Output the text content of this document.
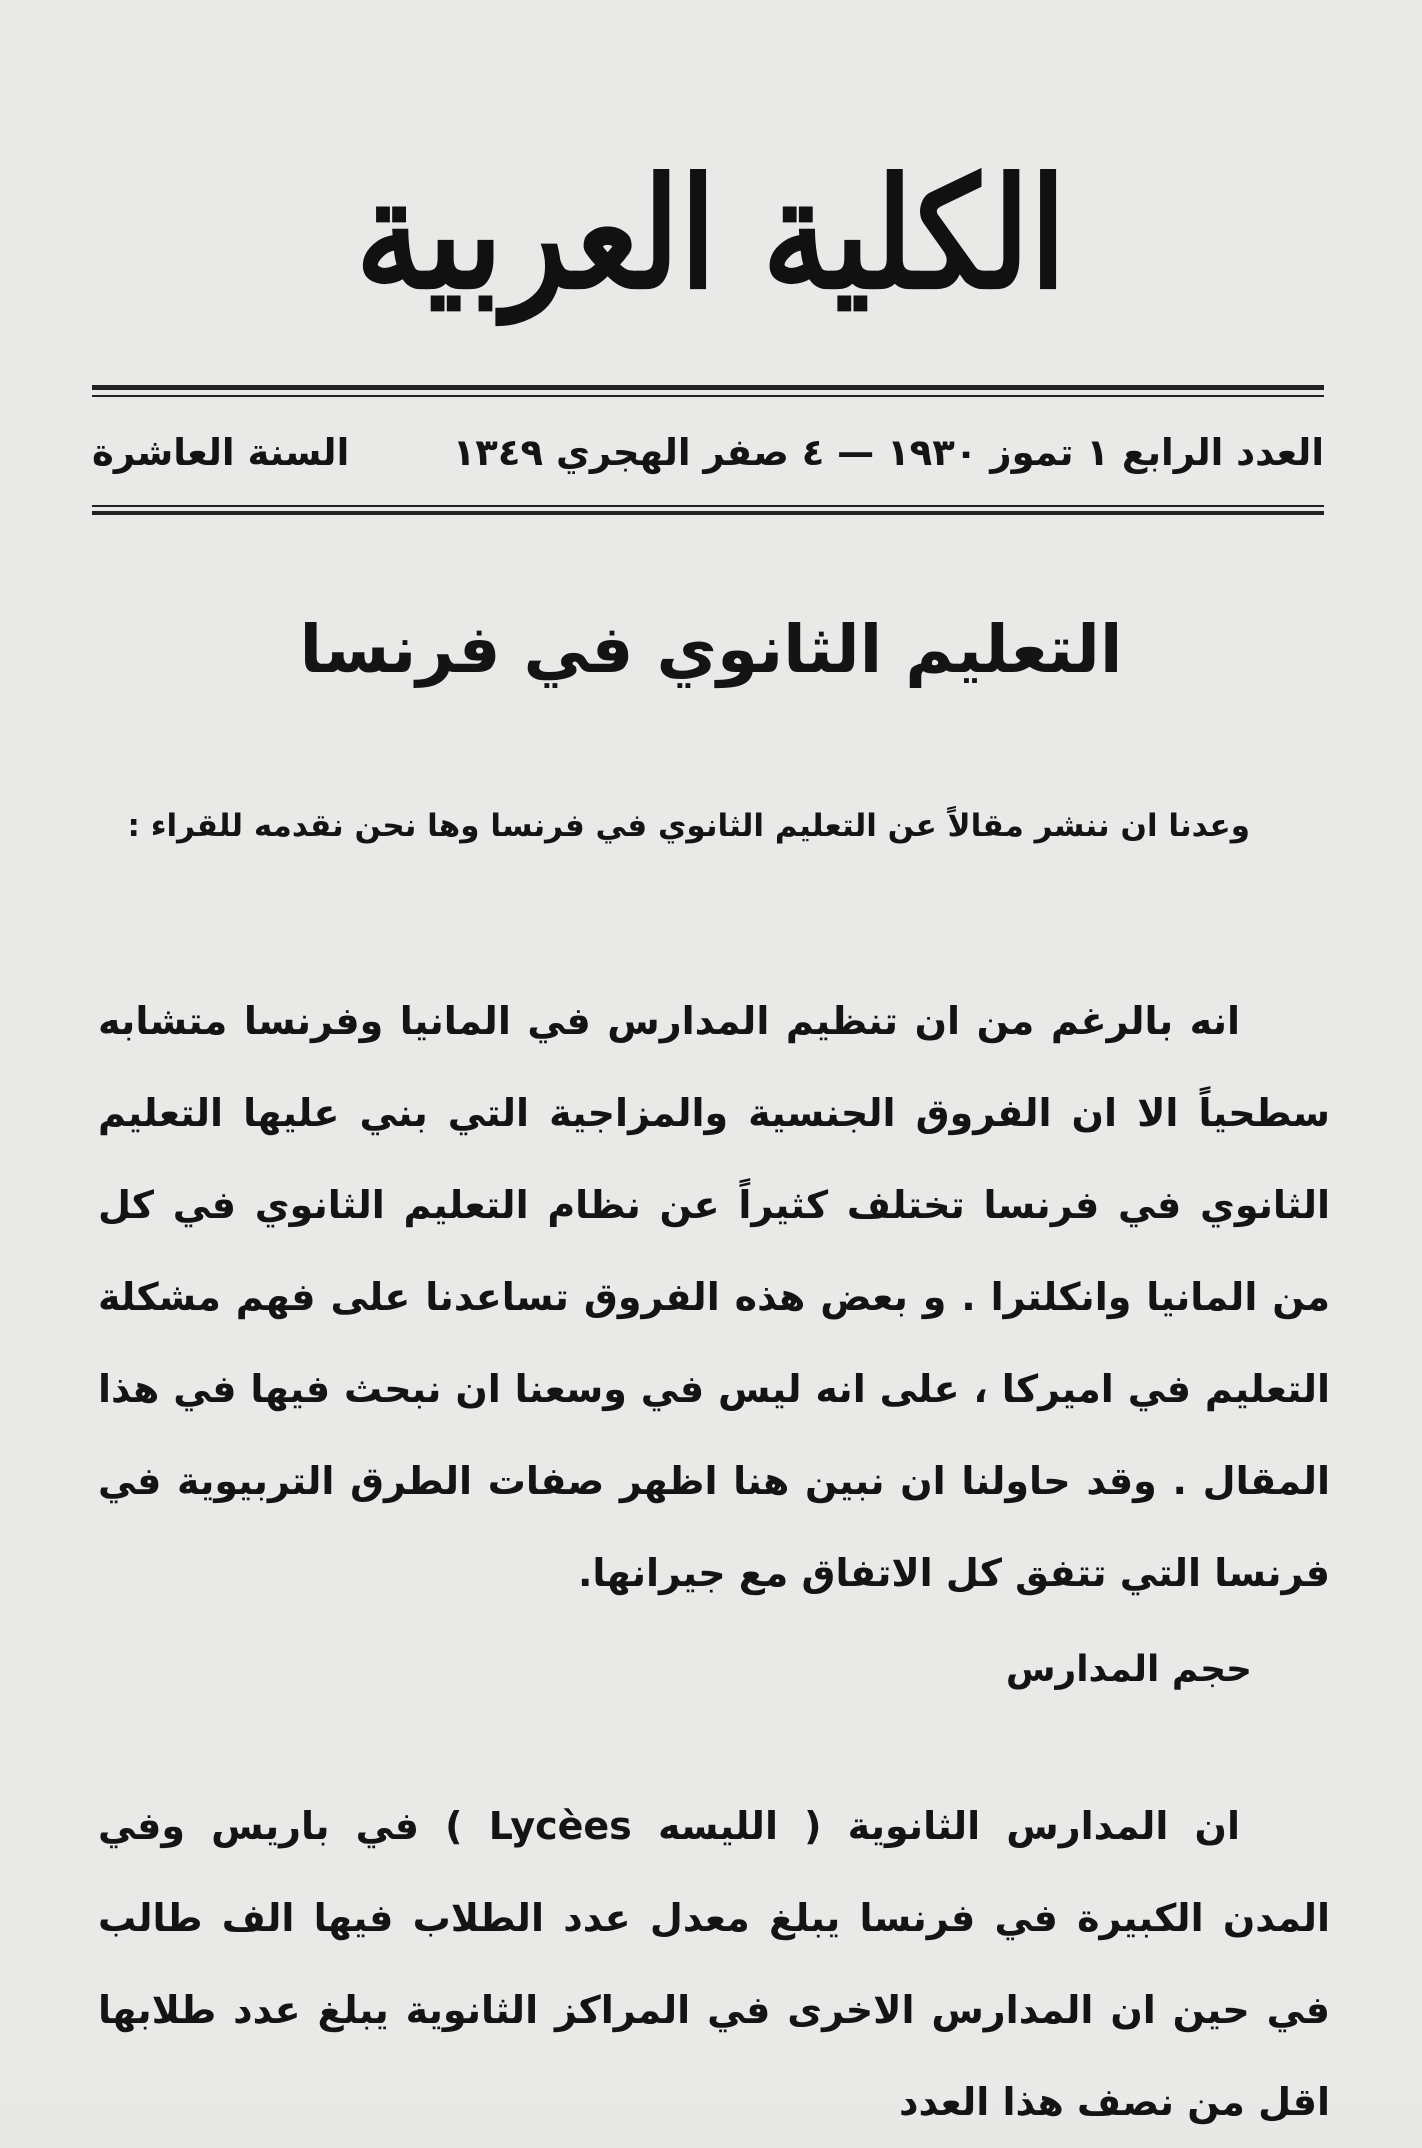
الكلية العربية
العدد الرابع ١ تموز ١٩٣٠ — ٤ صفر الهجري ١٣٤٩
السنة العاشرة
التعليم الثانوي في فرنسا
وعدنا ان ننشر مقالاً عن التعليم الثانوي في فرنسا وها نحن نقدمه للقراء :
انه بالرغم من ان تنظيم المدارس في المانيا وفرنسا متشابه سطحياً الا ان الفروق الجنسية والمزاجية التي بني عليها التعليم الثانوي في فرنسا تختلف كثيراً عن نظام التعليم الثانوي في كل من المانيا وانكلترا . و بعض هذه الفروق تساعدنا على فهم مشكلة التعليم في اميركا ، على انه ليس في وسعنا ان نبحث فيها في هذا المقال . وقد حاولنا ان نبين هنا اظهر صفات الطرق التربيوية في فرنسا التي تتفق كل الاتفاق مع جيرانها.
حجم المدارس
ان المدارس الثانوية ( الليسه Lycèes ) في باريس وفي المدن الكبيرة في فرنسا يبلغ معدل عدد الطلاب فيها الف طالب في حين ان المدارس الاخرى في المراكز الثانوية يبلغ عدد طلابها اقل من نصف هذا العدد
